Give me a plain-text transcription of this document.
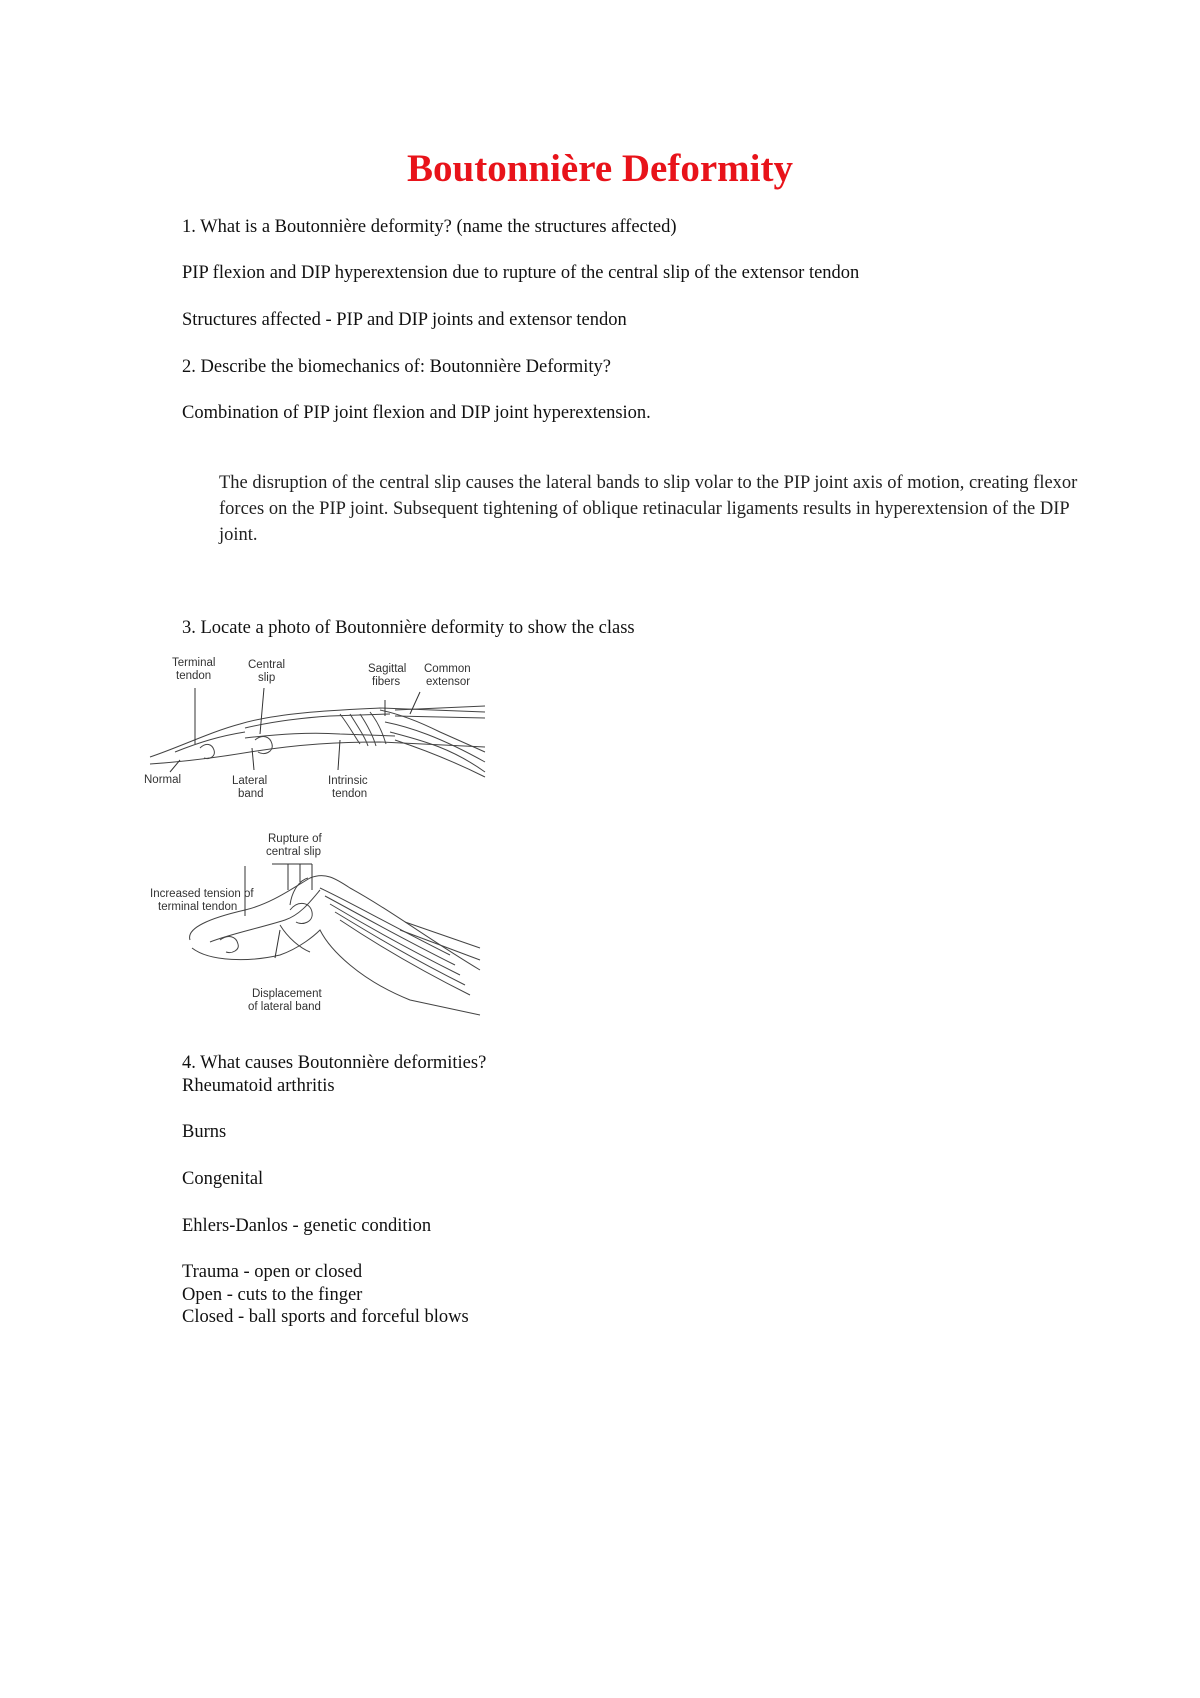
Boutonnière Deformity

1. What is a Boutonnière deformity? (name the structures affected)

PIP flexion and DIP hyperextension due to rupture of the central slip of the extensor tendon

Structures affected - PIP and DIP joints and extensor tendon

2. Describe the biomechanics of: Boutonnière Deformity?

Combination of PIP joint flexion and DIP joint hyperextension.

The disruption of the central slip causes the lateral bands to slip volar to the PIP joint axis of motion, creating flexor forces on the PIP joint. Subsequent tightening of oblique retinacular ligaments results in hyperextension of the DIP joint.

3. Locate a photo of Boutonnière deformity to show the class

Terminal
tendon
Central
slip
Sagittal
fibers
Common
extensor
Normal	Lateral
band
Intrinsic
tendon
Rupture of
central slip
Increased tension of
terminal tendon
Displacement
of lateral band

4. What causes Boutonnière deformities?

Rheumatoid arthritis

Burns

Congenital

Ehlers-Danlos - genetic condition

Trauma - open or closed

Open - cuts to the finger

Closed - ball sports and forceful blows
